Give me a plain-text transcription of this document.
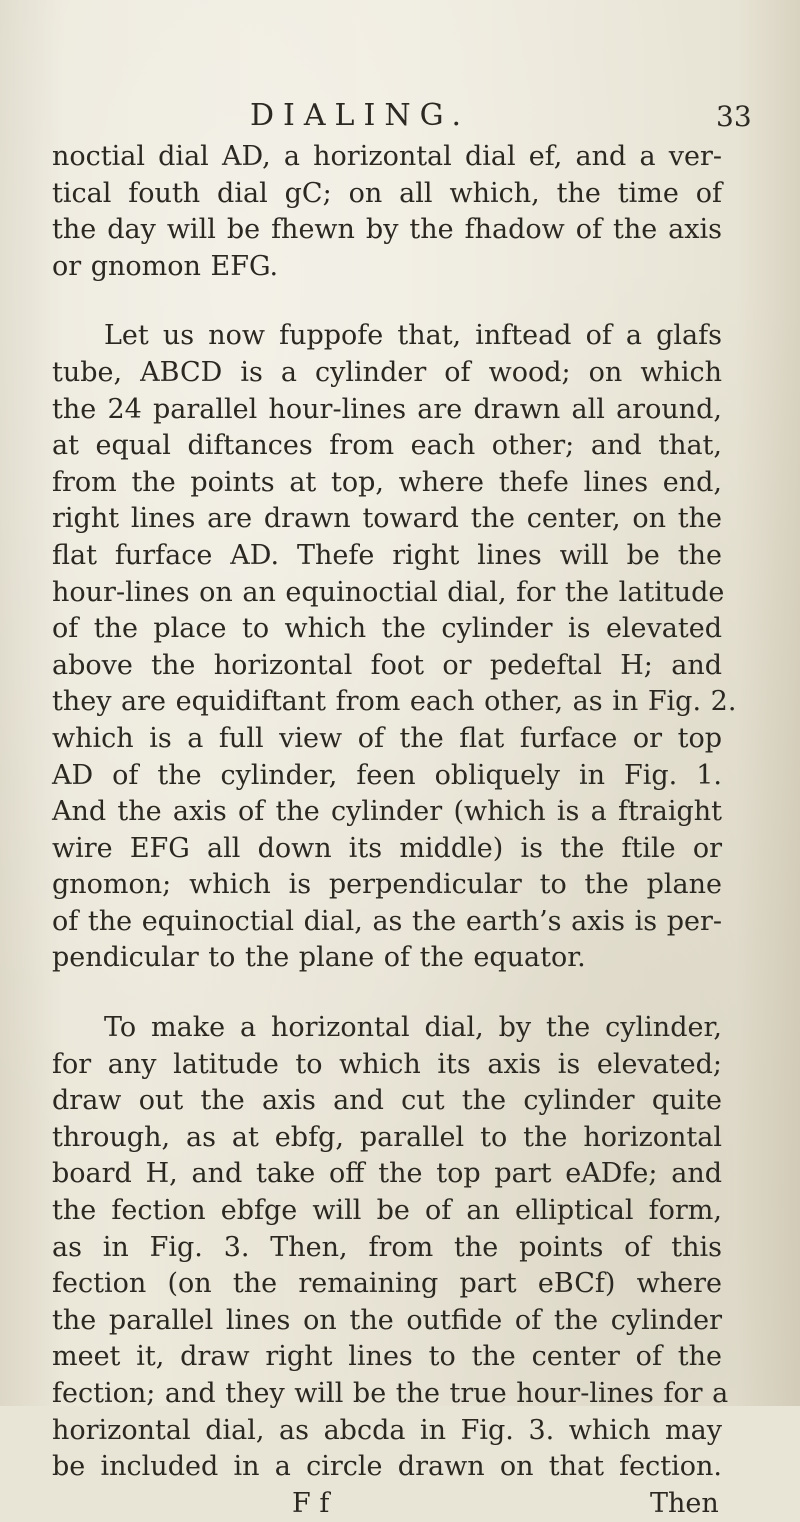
DIALING.	33
noctial dial AD, a horizontal dial ef, and a ver-
tical fouth dial gC; on all which, the time of
the day will be fhewn by the fhadow of the axis
or gnomon EFG.
Let us now fuppofe that, inftead of a glafs
tube, ABCD is a cylinder of wood; on which
the 24 parallel hour-lines are drawn all around,
at equal diftances from each other; and that,
from the points at top, where thefe lines end,
right lines are drawn toward the center, on the
flat furface AD. Thefe right lines will be the
hour-lines on an equinoctial dial, for the latitude
of the place to which the cylinder is elevated
above the horizontal foot or pedeftal H; and
they are equidiftant from each other, as in Fig. 2.
which is a full view of the flat furface or top
AD of the cylinder, feen obliquely in Fig. 1.
And the axis of the cylinder (which is a ftraight
wire EFG all down its middle) is the ftile or
gnomon; which is perpendicular to the plane
of the equinoctial dial, as the earth’s axis is per-
pendicular to the plane of the equator.
To make a horizontal dial, by the cylinder,
for any latitude to which its axis is elevated;
draw out the axis and cut the cylinder quite
through, as at ebfg, parallel to the horizontal
board H, and take off the top part eADfe; and
the fection ebfge will be of an elliptical form,
as in Fig. 3. Then, from the points of this
fection (on the remaining part eBCf) where
the parallel lines on the outfide of the cylinder
meet it, draw right lines to the center of the
fection; and they will be the true hour-lines for a
horizontal dial, as abcda in Fig. 3. which may
be included in a circle drawn on that fection.
F f	Then
